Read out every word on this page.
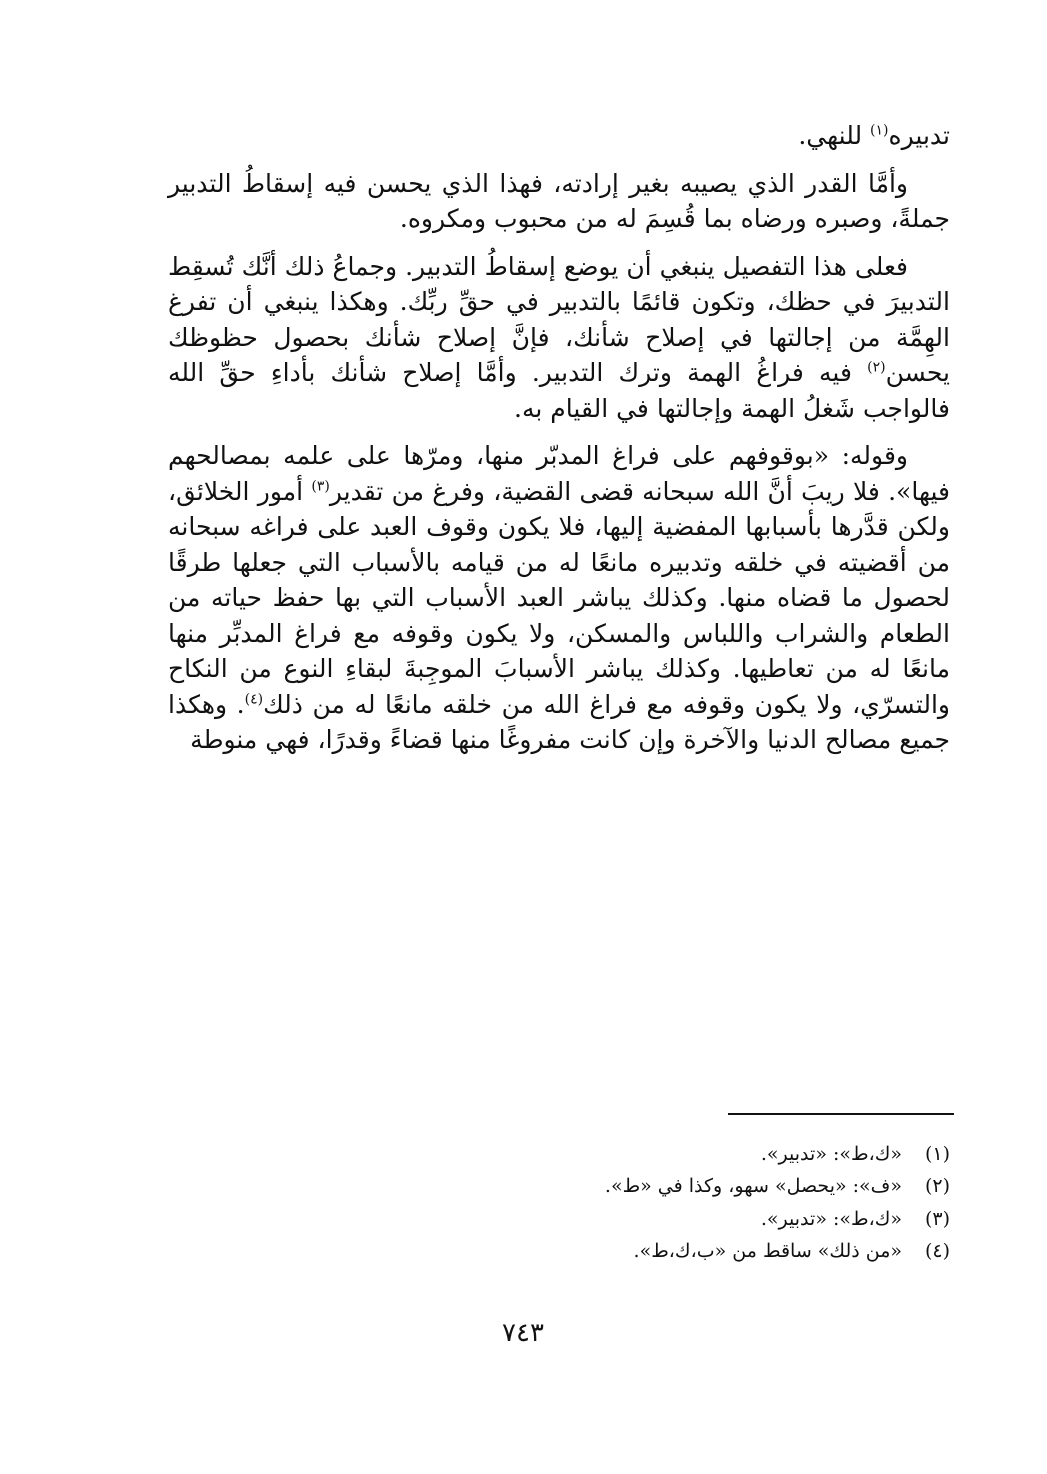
تدبيره$^{(١)}$ للنهي.

وأمَّا القدر الذي يصيبه بغير إرادته، فهذا الذي يحسن فيه إسقاطُ التدبير جملةً، وصبره ورضاه بما قُسِمَ له من محبوب ومكروه.

فعلى هذا التفصيل ينبغي أن يوضع إسقاطُ التدبير. وجماعُ ذلك أنَّك تُسقِط التدبيرَ في حظك، وتكون قائمًا بالتدبير في حقِّ ربِّك. وهكذا ينبغي أن تفرغ الهِمَّة من إجالتها في إصلاح شأنك، فإنَّ إصلاح شأنك بحصول حظوظك يحسن$^{(٢)}$ فيه فراغُ الهمة وترك التدبير. وأمَّا إصلاح شأنك بأداءِ حقِّ الله فالواجب شَغلُ الهمة وإجالتها في القيام به.

وقوله: «بوقوفهم على فراغ المدبّر منها، ومرّها على علمه بمصالحهم فيها». فلا ريبَ أنَّ الله سبحانه قضى القضية، وفرغ من تقدير$^{(٣)}$ أمور الخلائق، ولكن قدَّرها بأسبابها المفضية إليها، فلا يكون وقوف العبد على فراغه سبحانه من أقضيته في خلقه وتدبيره مانعًا له من قيامه بالأسباب التي جعلها طرقًا لحصول ما قضاه منها. وكذلك يباشر العبد الأسباب التي بها حفظ حياته من الطعام والشراب واللباس والمسكن، ولا يكون وقوفه مع فراغ المدبِّر منها مانعًا له من تعاطيها. وكذلك يباشر الأسبابَ الموجِبةَ لبقاءِ النوع من النكاح والتسرّي، ولا يكون وقوفه مع فراغ الله من خلقه مانعًا له من ذلك$^{(٤)}$. وهكذا جميع مصالح الدنيا والآخرة وإن كانت مفروغًا منها قضاءً وقدرًا، فهي منوطة

(١)«ك،ط»: «تدبير».
(٢)«ف»: «يحصل» سهو، وكذا في «ط».
(٣)«ك،ط»: «تدبير».
(٤)«من ذلك» ساقط من «ب،ك،ط».
٧٤٣
